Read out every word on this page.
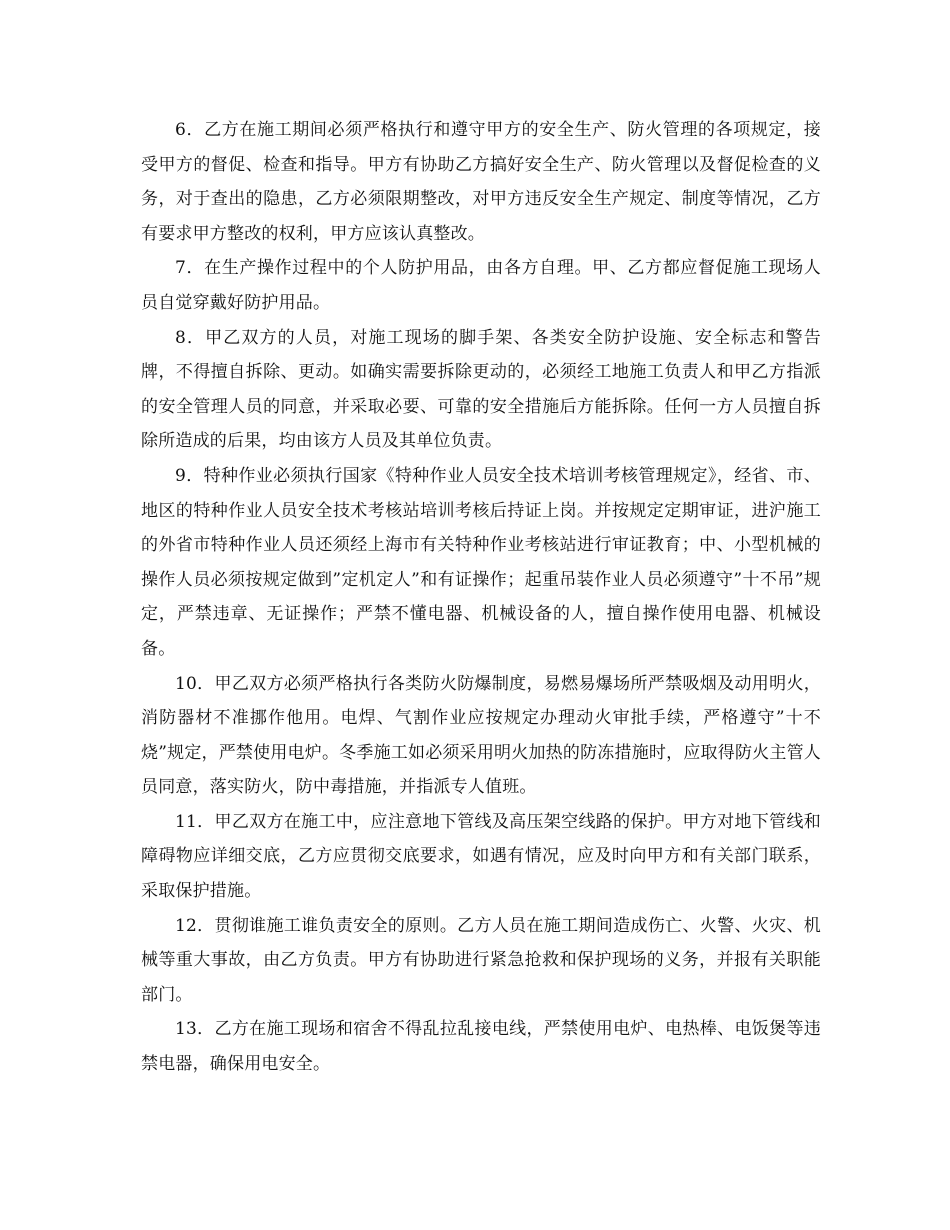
6．乙方在施工期间必须严格执行和遵守甲方的安全生产、防火管理的各项规定，接受甲方的督促、检查和指导。甲方有协助乙方搞好安全生产、防火管理以及督促检查的义务，对于查出的隐患，乙方必须限期整改，对甲方违反安全生产规定、制度等情况，乙方有要求甲方整改的权利，甲方应该认真整改。

7．在生产操作过程中的个人防护用品，由各方自理。甲、乙方都应督促施工现场人员自觉穿戴好防护用品。

8．甲乙双方的人员，对施工现场的脚手架、各类安全防护设施、安全标志和警告牌，不得擅自拆除、更动。如确实需要拆除更动的，必须经工地施工负责人和甲乙方指派的安全管理人员的同意，并采取必要、可靠的安全措施后方能拆除。任何一方人员擅自拆除所造成的后果，均由该方人员及其单位负责。

9．特种作业必须执行国家《特种作业人员安全技术培训考核管理规定》，经省、市、地区的特种作业人员安全技术考核站培训考核后持证上岗。并按规定定期审证，进沪施工的外省市特种作业人员还须经上海市有关特种作业考核站进行审证教育；中、小型机械的操作人员必须按规定做到”定机定人”和有证操作；起重吊装作业人员必须遵守”十不吊”规定，严禁违章、无证操作；严禁不懂电器、机械设备的人，擅自操作使用电器、机械设备。

10．甲乙双方必须严格执行各类防火防爆制度，易燃易爆场所严禁吸烟及动用明火，消防器材不准挪作他用。电焊、气割作业应按规定办理动火审批手续，严格遵守”十不烧”规定，严禁使用电炉。冬季施工如必须采用明火加热的防冻措施时，应取得防火主管人员同意，落实防火，防中毒措施，并指派专人值班。

11．甲乙双方在施工中，应注意地下管线及高压架空线路的保护。甲方对地下管线和障碍物应详细交底，乙方应贯彻交底要求，如遇有情况，应及时向甲方和有关部门联系，采取保护措施。

12．贯彻谁施工谁负责安全的原则。乙方人员在施工期间造成伤亡、火警、火灾、机械等重大事故，由乙方负责。甲方有协助进行紧急抢救和保护现场的义务，并报有关职能部门。

13．乙方在施工现场和宿舍不得乱拉乱接电线，严禁使用电炉、电热棒、电饭煲等违禁电器，确保用电安全。
